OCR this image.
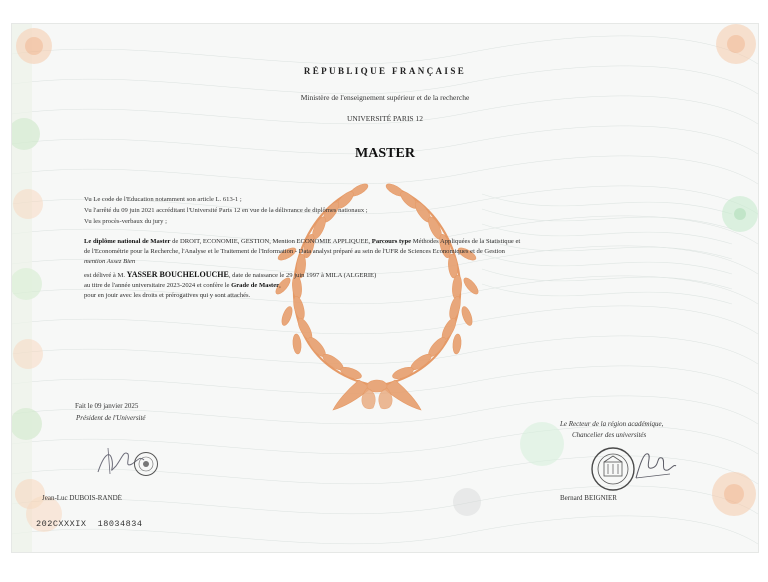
RÉPUBLIQUE FRANÇAISE
Ministère de l'enseignement supérieur et de la recherche
UNIVERSITÉ PARIS 12
MASTER
Vu Le code de l'Education notamment son article L. 613-1 ;
Vu l'arrêté du 09 juin 2021 accréditant l'Université Paris 12 en vue de la délivrance de diplômes nationaux ;
Vu les procès-verbaux du jury ;
Le diplôme national de Master de DROIT, ECONOMIE, GESTION, Mention ECONOMIE APPLIQUEE, Parcours type Méthodes Appliquées de la Statistique et
de l'Econométrie pour la Recherche, l'Analyse et le Traitement de l'Information - Data analyst préparé au sein de l'UFR de Sciences Economiques et de Gestion
mention Assez Bien
est délivré à M. YASSER BOUCHELOUCHE, date de naissance le 29 juin 1997 à MILA (ALGERIE)
au titre de l'année universitaire 2023-2024 et confère le Grade de Master,
pour en jouir avec les droits et prérogatives qui y sont attachés.
Fait le 09 janvier 2025
Président de l'Université
Jean-Luc DUBOIS-RANDÉ
202CXXXIX 18034834
Le Recteur de la région académique,
Chancelier des universités
Bernard BEIGNIER
